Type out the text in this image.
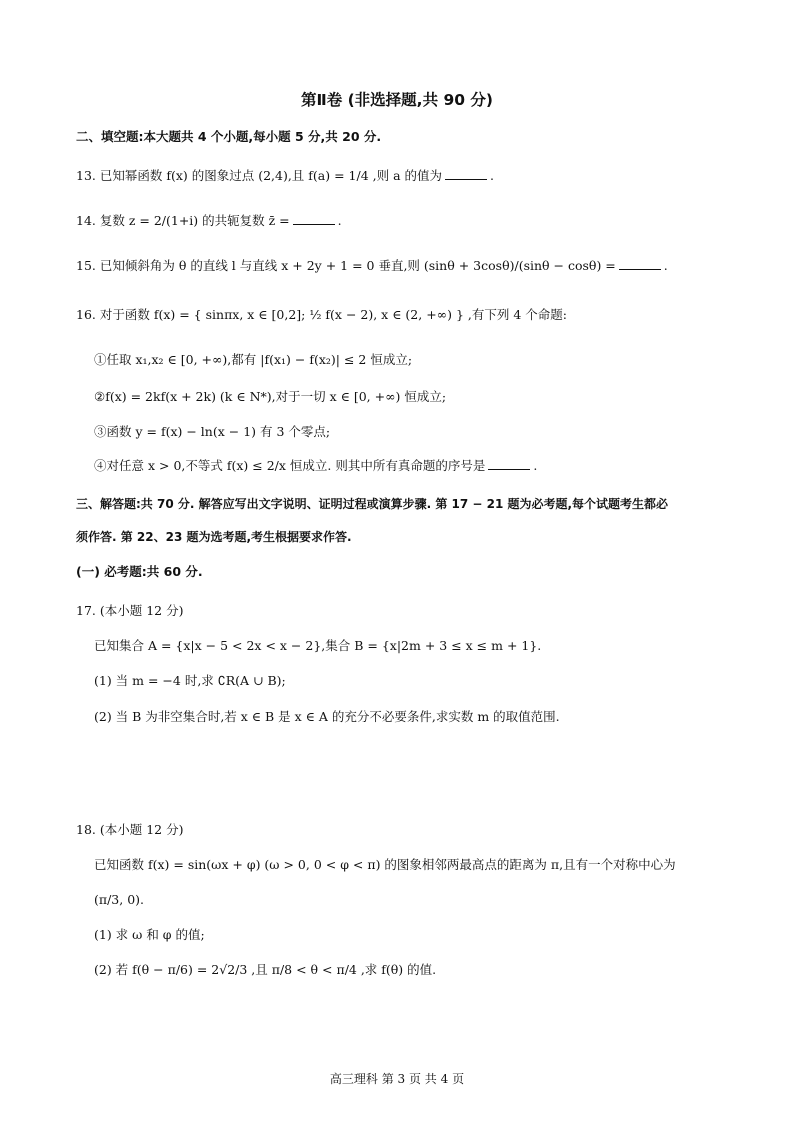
第Ⅱ卷 (非选择题,共 90 分)
二、填空题:本大题共 4 个小题,每小题 5 分,共 20 分.
13. 已知幂函数 f(x) 的图象过点 (2,4),且 f(a) = 1/4 ,则 a 的值为	.
14. 复数 z = 2/(1+i) 的共轭复数 z̄ =	.
15. 已知倾斜角为 θ 的直线 l 与直线 x + 2y + 1 = 0 垂直,则 (sinθ + 3cosθ)/(sinθ − cosθ) =	.
16. 对于函数 f(x) = { sinπx, x ∈ [0,2]; ½ f(x − 2), x ∈ (2, +∞) } ,有下列 4 个命题:
①任取 x₁,x₂ ∈ [0, +∞),都有 |f(x₁) − f(x₂)| ≤ 2 恒成立;
②f(x) = 2kf(x + 2k) (k ∈ N*),对于一切 x ∈ [0, +∞) 恒成立;
③函数 y = f(x) − ln(x − 1) 有 3 个零点;
④对任意 x > 0,不等式 f(x) ≤ 2/x 恒成立. 则其中所有真命题的序号是	.
三、解答题:共 70 分. 解答应写出文字说明、证明过程或演算步骤. 第 17 − 21 题为必考题,每个试题考生都必
须作答. 第 22、23 题为选考题,考生根据要求作答.
(一) 必考题:共 60 分.
17. (本小题 12 分)
已知集合 A = {x|x − 5 < 2x < x − 2},集合 B = {x|2m + 3 ≤ x ≤ m + 1}.
(1) 当 m = −4 时,求 ∁R(A ∪ B);
(2) 当 B 为非空集合时,若 x ∈ B 是 x ∈ A 的充分不必要条件,求实数 m 的取值范围.
18. (本小题 12 分)
已知函数 f(x) = sin(ωx + φ) (ω > 0, 0 < φ < π) 的图象相邻两最高点的距离为 π,且有一个对称中心为
(π/3, 0).
(1) 求 ω 和 φ 的值;
(2) 若 f(θ − π/6) = 2√2/3 ,且 π/8 < θ < π/4 ,求 f(θ) 的值.
高三理科 第 3 页 共 4 页
